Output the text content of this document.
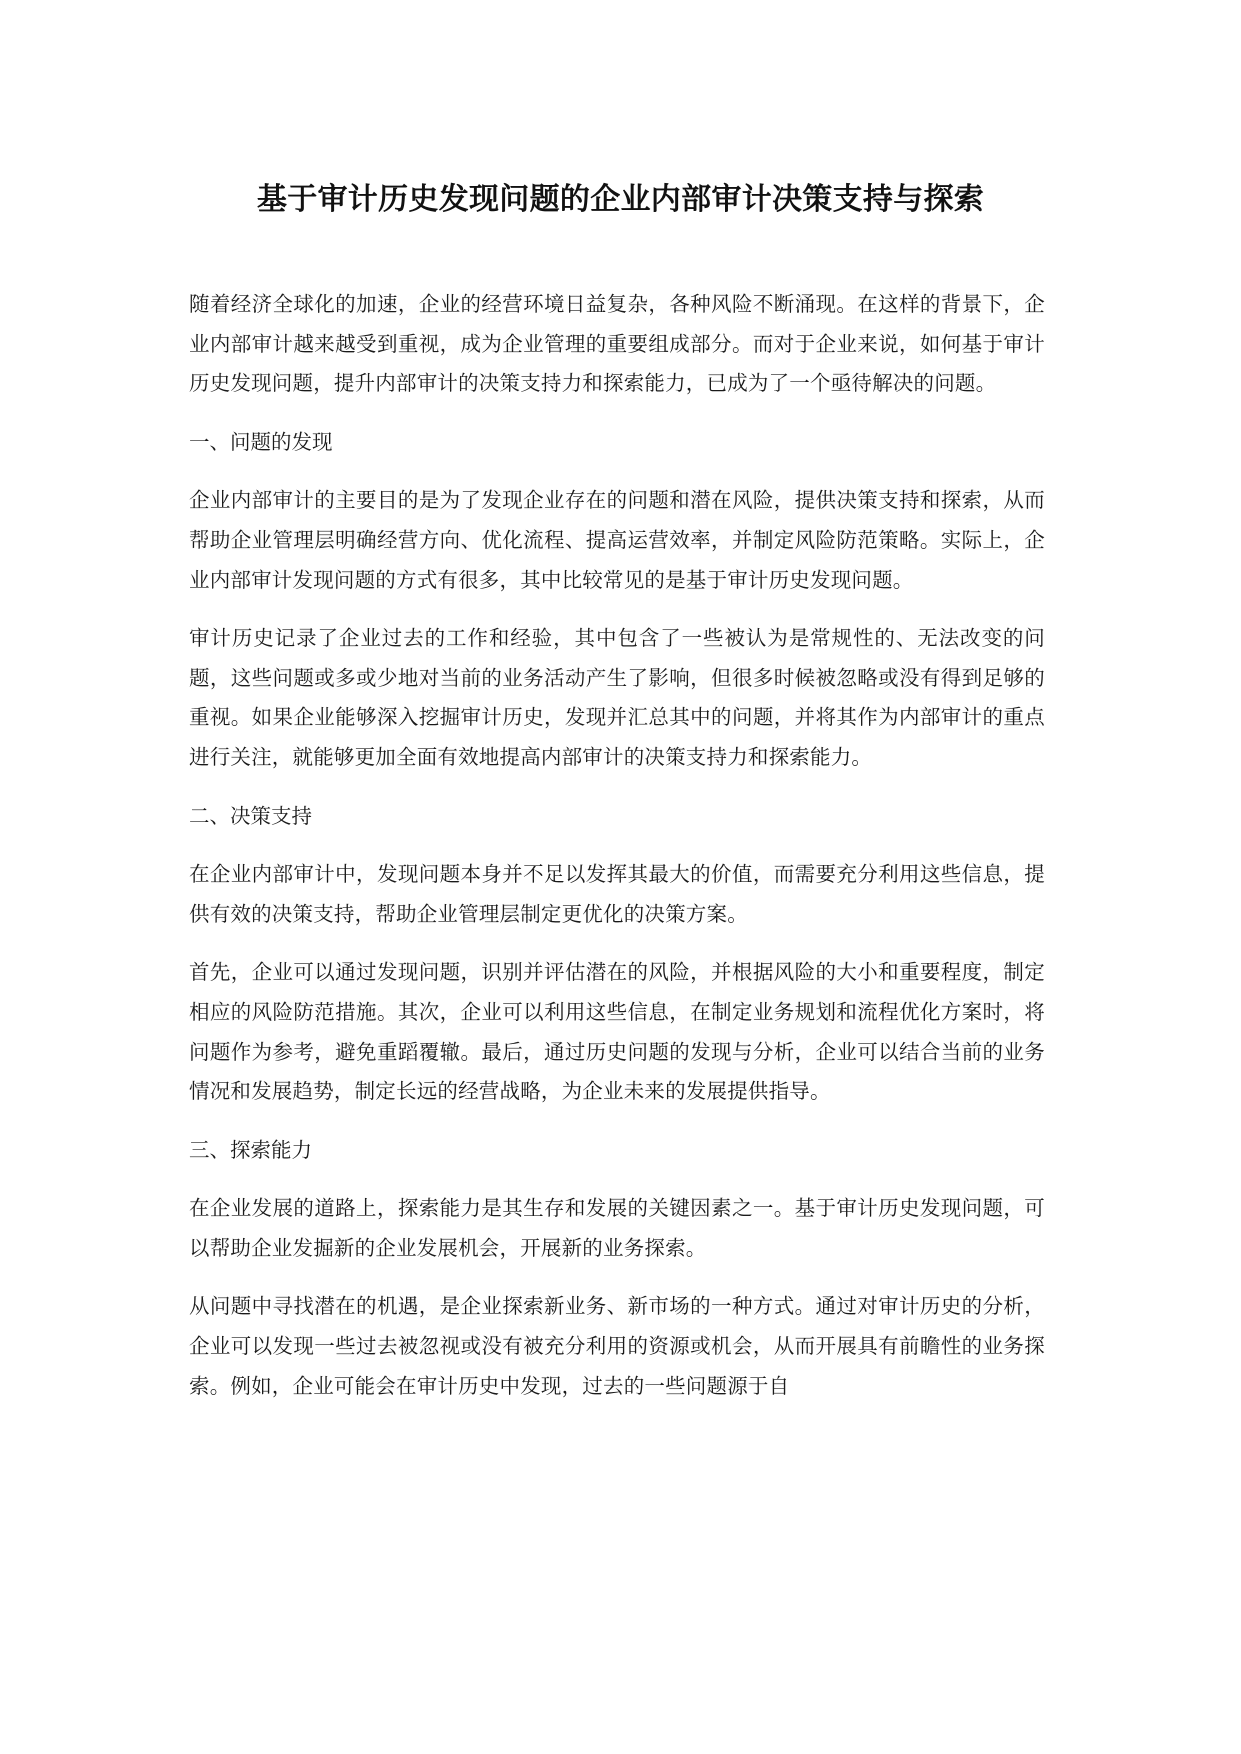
基于审计历史发现问题的企业内部审计决策支持与探索

随着经济全球化的加速，企业的经营环境日益复杂，各种风险不断涌现。在这样的背景下，企业内部审计越来越受到重视，成为企业管理的重要组成部分。而对于企业来说，如何基于审计历史发现问题，提升内部审计的决策支持力和探索能力，已成为了一个亟待解决的问题。

一、问题的发现

企业内部审计的主要目的是为了发现企业存在的问题和潜在风险，提供决策支持和探索，从而帮助企业管理层明确经营方向、优化流程、提高运营效率，并制定风险防范策略。实际上，企业内部审计发现问题的方式有很多，其中比较常见的是基于审计历史发现问题。

审计历史记录了企业过去的工作和经验，其中包含了一些被认为是常规性的、无法改变的问题，这些问题或多或少地对当前的业务活动产生了影响，但很多时候被忽略或没有得到足够的重视。如果企业能够深入挖掘审计历史，发现并汇总其中的问题，并将其作为内部审计的重点进行关注，就能够更加全面有效地提高内部审计的决策支持力和探索能力。

二、决策支持

在企业内部审计中，发现问题本身并不足以发挥其最大的价值，而需要充分利用这些信息，提供有效的决策支持，帮助企业管理层制定更优化的决策方案。

首先，企业可以通过发现问题，识别并评估潜在的风险，并根据风险的大小和重要程度，制定相应的风险防范措施。其次，企业可以利用这些信息，在制定业务规划和流程优化方案时，将问题作为参考，避免重蹈覆辙。最后，通过历史问题的发现与分析，企业可以结合当前的业务情况和发展趋势，制定长远的经营战略，为企业未来的发展提供指导。

三、探索能力

在企业发展的道路上，探索能力是其生存和发展的关键因素之一。基于审计历史发现问题，可以帮助企业发掘新的企业发展机会，开展新的业务探索。

从问题中寻找潜在的机遇，是企业探索新业务、新市场的一种方式。通过对审计历史的分析，企业可以发现一些过去被忽视或没有被充分利用的资源或机会，从而开展具有前瞻性的业务探索。例如，企业可能会在审计历史中发现，过去的一些问题源于自
